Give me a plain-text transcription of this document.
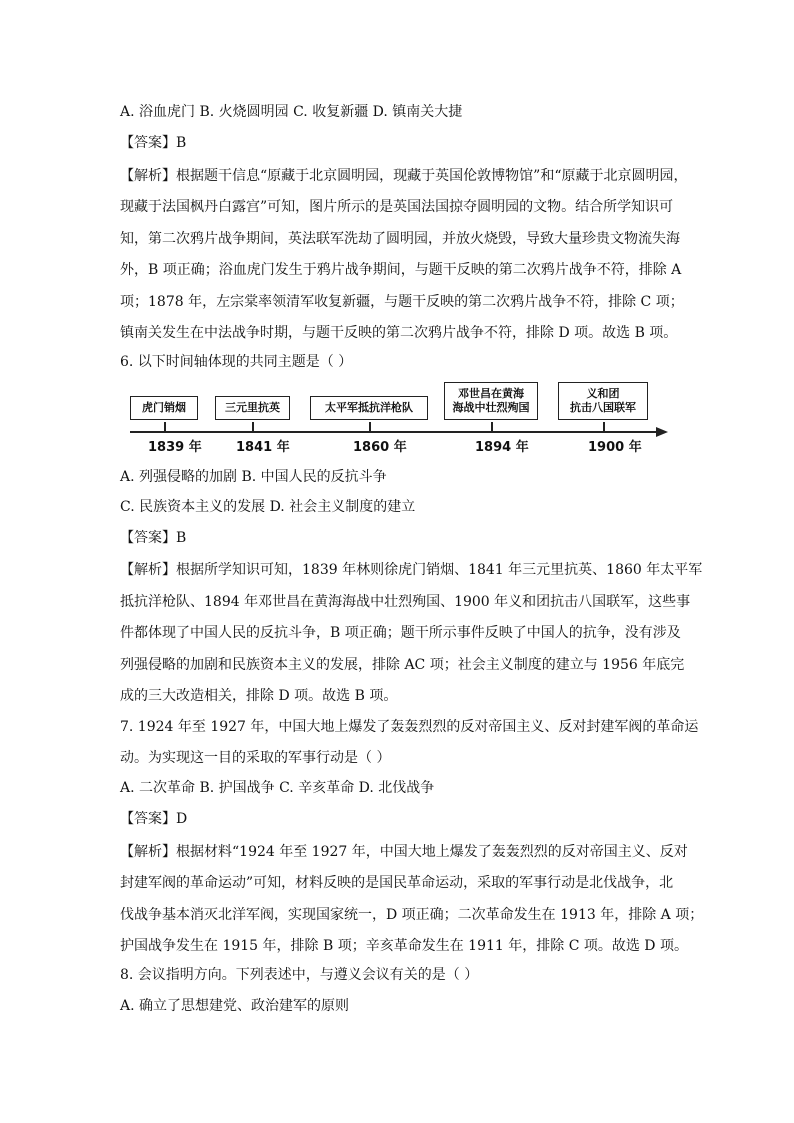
A. 浴血虎门 B. 火烧圆明园 C. 收复新疆 D. 镇南关大捷
【答案】B
【解析】根据题干信息“原藏于北京圆明园，现藏于英国伦敦博物馆”和“原藏于北京圆明园，
现藏于法国枫丹白露宫”可知，图片所示的是英国法国掠夺圆明园的文物。结合所学知识可
知，第二次鸦片战争期间，英法联军洗劫了圆明园，并放火烧毁，导致大量珍贵文物流失海
外，B 项正确；浴血虎门发生于鸦片战争期间，与题干反映的第二次鸦片战争不符，排除 A
项；1878 年，左宗棠率领清军收复新疆，与题干反映的第二次鸦片战争不符，排除 C 项；
镇南关发生在中法战争时期，与题干反映的第二次鸦片战争不符，排除 D 项。故选 B 项。
6. 以下时间轴体现的共同主题是（ ）
虎门销烟	三元里抗英	太平军抵抗洋枪队
邓世昌在黄海
海战中壮烈殉国
义和团
抗击八国联军
1839 年	1841 年	1860 年	1894 年	1900 年
A. 列强侵略的加剧 B. 中国人民的反抗斗争
C. 民族资本主义的发展 D. 社会主义制度的建立
【答案】B
【解析】根据所学知识可知，1839 年林则徐虎门销烟、1841 年三元里抗英、1860 年太平军
抵抗洋枪队、1894 年邓世昌在黄海海战中壮烈殉国、1900 年义和团抗击八国联军，这些事
件都体现了中国人民的反抗斗争，B 项正确；题干所示事件反映了中国人的抗争，没有涉及
列强侵略的加剧和民族资本主义的发展，排除 AC 项；社会主义制度的建立与 1956 年底完
成的三大改造相关，排除 D 项。故选 B 项。
7. 1924 年至 1927 年，中国大地上爆发了轰轰烈烈的反对帝国主义、反对封建军阀的革命运
动。为实现这一目的采取的军事行动是（ ）
A. 二次革命 B. 护国战争 C. 辛亥革命 D. 北伐战争
【答案】D
【解析】根据材料“1924 年至 1927 年，中国大地上爆发了轰轰烈烈的反对帝国主义、反对
封建军阀的革命运动”可知，材料反映的是国民革命运动，采取的军事行动是北伐战争，北
伐战争基本消灭北洋军阀，实现国家统一，D 项正确；二次革命发生在 1913 年，排除 A 项；
护国战争发生在 1915 年，排除 B 项；辛亥革命发生在 1911 年，排除 C 项。故选 D 项。
8. 会议指明方向。下列表述中，与遵义会议有关的是（ ）
A. 确立了思想建党、政治建军的原则
